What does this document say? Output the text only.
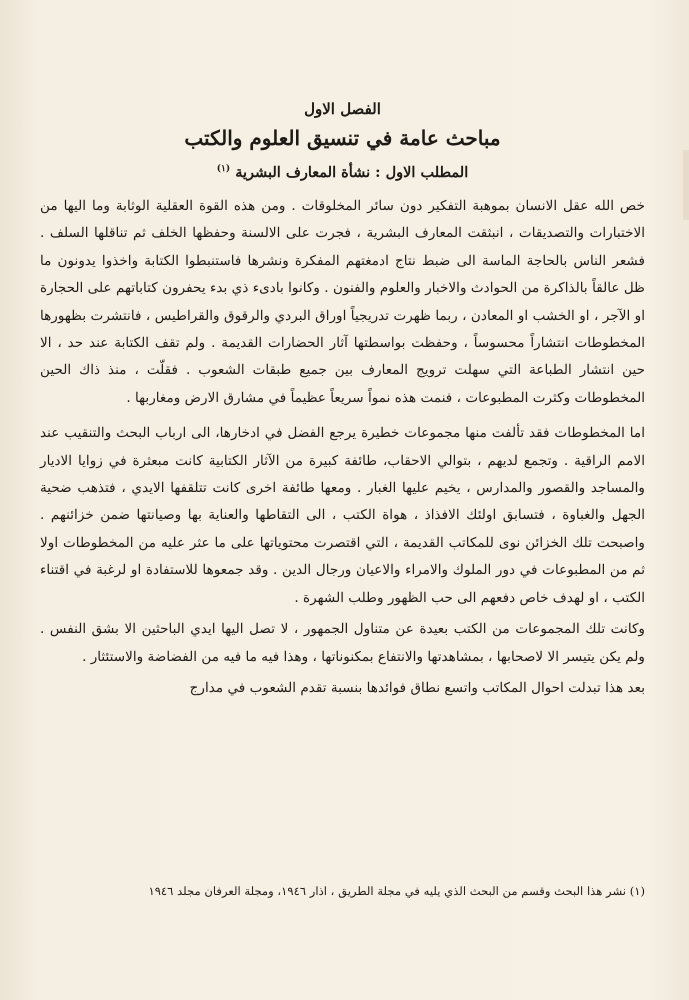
الفصل الاول
مباحث عامة في تنسيق العلوم والكتب
المطلب الاول : نشأة المعارف البشرية $^{(١)}$

خص الله عقل الانسان بموهبة التفكير دون سائر المخلوقات . ومن هذه القوة العقلية الوثابة وما اليها من الاختبارات والتصديقات ، انبثقت المعارف البشرية ، فجرت على الالسنة وحفظها الخلف ثم تناقلها السلف . فشعر الناس بالحاجة الماسة الى ضبط نتاج ادمغتهم المفكرة ونشرها فاستنبطوا الكتابة واخذوا يدونون ما ظل عالقاً بالذاكرة من الحوادث والاخبار والعلوم والفنون . وكانوا بادىء ذي بدء يحفرون كتاباتهم على الحجارة او الآجر ، او الخشب او المعادن ، ربما ظهرت تدريجياً اوراق البردي والرقوق والقراطيس ، فانتشرت بظهورها المخطوطات انتشاراً محسوساً ، وحفظت بواسطتها آثار الحضارات القديمة . ولم تقف الكتابة عند حد ، الا حين انتشار الطباعة التي سهلت ترويج المعارف بين جميع طبقات الشعوب . فقلّت ، منذ ذاك الحين المخطوطات وكثرت المطبوعات ، فنمت هذه نمواً سريعاً عظيماً في مشارق الارض ومغاربها .

اما المخطوطات فقد تألفت منها مجموعات خطيرة يرجع الفضل في ادخارها، الى ارباب البحث والتنقيب عند الامم الراقية . وتجمع لديهم ، بتوالي الاحقاب، طائفة كبيرة من الآثار الكتابية كانت مبعثرة في زوايا الاديار والمساجد والقصور والمدارس ، يخيم عليها الغبار . ومعها طائفة اخرى كانت تتلقفها الايدي ، فتذهب ضحية الجهل والغباوة ، فتسابق اولئك الافذاذ ، هواة الكتب ، الى التقاطها والعناية بها وصيانتها ضمن خزائنهم . واصبحت تلك الخزائن نوى للمكاتب القديمة ، التي اقتصرت محتوياتها على ما عثر عليه من المخطوطات اولا ثم من المطبوعات في دور الملوك والامراء والاعيان ورجال الدين . وقد جمعوها للاستفادة او لرغبة في اقتناء الكتب ، او لهدف خاص دفعهم الى حب الظهور وطلب الشهرة .

وكانت تلك المجموعات من الكتب بعيدة عن متناول الجمهور ، لا تصل اليها ايدي الباحثين الا بشق النفس . ولم يكن يتيسر الا لاصحابها ، بمشاهدتها والانتفاع بمكنوناتها ، وهذا فيه ما فيه من الفضاضة والاستئثار .

بعد هذا تبدلت احوال المكاتب واتسع نطاق فوائدها بنسبة تقدم الشعوب في مدارج

(١) نشر هذا البحث وقسم من البحث الذي يليه في مجلة الطريق ، اذار ١٩٤٦، ومجلة العرفان مجلد ١٩٤٦
